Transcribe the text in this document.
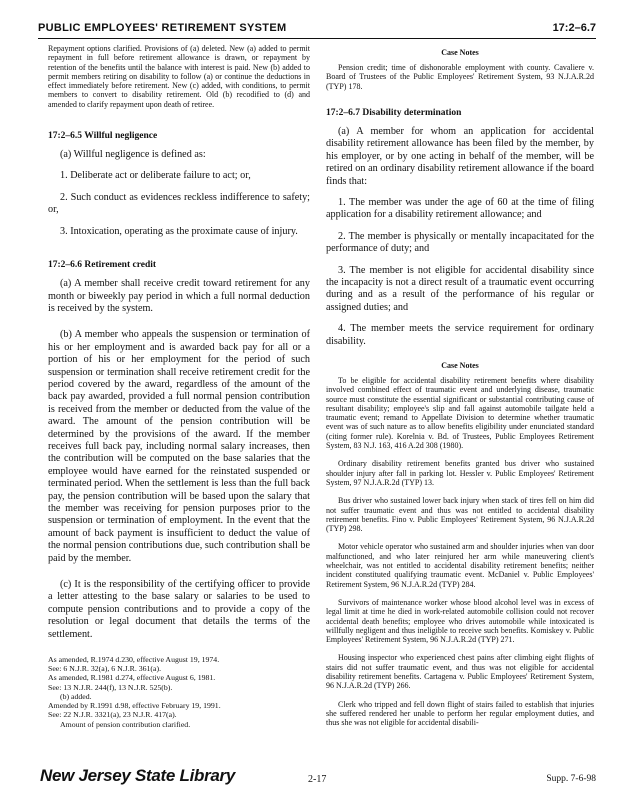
PUBLIC EMPLOYEES' RETIREMENT SYSTEM	17:2–6.7

Repayment options clarified. Provisions of (a) deleted. New (a) added to permit repayment in full before retirement allowance is drawn, or repayment by retention of the benefits until the balance with interest is paid. New (b) added to permit members retiring on disability to follow (a) or continue the deductions in effect immediately before retirement. New (c) added, with conditions, to permit members to convert to disability retirement. Old (b) recodified to (d) and amended to clarify repayment upon death of retiree.

17:2–6.5 Willful negligence

(a) Willful negligence is defined as:

1. Deliberate act or deliberate failure to act; or,

2. Such conduct as evidences reckless indifference to safety; or,

3. Intoxication, operating as the proximate cause of injury.

17:2–6.6 Retirement credit

(a) A member shall receive credit toward retirement for any month or biweekly pay period in which a full normal deduction is received by the system.

(b) A member who appeals the suspension or termination of his or her employment and is awarded back pay for all or a portion of his or her employment for the period of such suspension or termination shall receive retirement credit for the period covered by the award, regardless of the amount of the back pay awarded, provided a full normal pension contribution is received from the member or deducted from the value of the award. The amount of the pension contribution will be determined by the provisions of the award. If the member receives full back pay, including normal salary increases, then the contribution will be computed on the base salaries that the employee would have earned for the reinstated suspended or terminated period. When the settlement is less than the full back pay, the pension contribution will be based upon the salary that the member was receiving for pension purposes prior to the suspension or termination of employment. In the event that the amount of back payment is insufficient to deduct the value of the normal pension contributions due, such contribution shall be paid by the member.

(c) It is the responsibility of the certifying officer to provide a letter attesting to the base salary or salaries to be used to compute pension contributions and to provide a copy of the resolution or legal document that details the terms of the settlement.

As amended, R.1974 d.230, effective August 19, 1974.

See: 6 N.J.R. 32(a), 6 N.J.R. 361(a).

As amended, R.1981 d.274, effective August 6, 1981.

See: 13 N.J.R. 244(f), 13 N.J.R. 525(b).

(b) added.

Amended by R.1991 d.98, effective February 19, 1991.

See: 22 N.J.R. 3321(a), 23 N.J.R. 417(a).

Amount of pension contribution clarified.

Case Notes

Pension credit; time of dishonorable employment with county. Cavaliere v. Board of Trustees of the Public Employees' Retirement System, 93 N.J.A.R.2d (TYP) 178.

17:2–6.7 Disability determination

(a) A member for whom an application for accidental disability retirement allowance has been filed by the member, by his employer, or by one acting in behalf of the member, will be retired on an ordinary disability retirement allowance if the board finds that:

1. The member was under the age of 60 at the time of filing application for a disability retirement allowance; and

2. The member is physically or mentally incapacitated for the performance of duty; and

3. The member is not eligible for accidental disability since the incapacity is not a direct result of a traumatic event occurring during and as a result of the performance of his regular or assigned duties; and

4. The member meets the service requirement for ordinary disability.

Case Notes

To be eligible for accidental disability retirement benefits where disability involved combined effect of traumatic event and underlying disease, traumatic source must constitute the essential significant or substantial contributing cause of resultant disability; employee's slip and fall against automobile tailgate held a traumatic event; remand to Appellate Division to determine whether traumatic event was of such nature as to allow benefits eligibility under enunciated standard (citing former rule). Korelnia v. Bd. of Trustees, Public Employees Retirement System, 83 N.J. 163, 416 A.2d 308 (1980).

Ordinary disability retirement benefits granted bus driver who sustained shoulder injury after fall in parking lot. Hessler v. Public Employees' Retirement System, 97 N.J.A.R.2d (TYP) 13.

Bus driver who sustained lower back injury when stack of tires fell on him did not suffer traumatic event and thus was not entitled to accidental disability retirement benefits. Fino v. Public Employees' Retirement System, 96 N.J.A.R.2d (TYP) 298.

Motor vehicle operator who sustained arm and shoulder injuries when van door malfunctioned, and who later reinjured her arm while maneuvering client's wheelchair, was not entitled to accidental disability retirement benefits; neither incident constituted qualifying traumatic event. McDaniel v. Public Employees' Retirement System, 96 N.J.A.R.2d (TYP) 284.

Survivors of maintenance worker whose blood alcohol level was in excess of legal limit at time he died in work-related automobile collision could not recover accidental death benefits; employee who drives automobile while intoxicated is willfully negligent and thus ineligible to receive such benefits. Komiskey v. Public Employees' Retirement System, 96 N.J.A.R.2d (TYP) 271.

Housing inspector who experienced chest pains after climbing eight flights of stairs did not suffer traumatic event, and thus was not eligible for accidental disability retirement benefits. Cartagena v. Public Employees' Retirement System, 96 N.J.A.R.2d (TYP) 266.

Clerk who tripped and fell down flight of stairs failed to establish that injuries she suffered rendered her unable to perform her regular employment duties, and thus she was not eligible for accidental disabili-

New Jersey State Library	2-17	Supp. 7-6-98
